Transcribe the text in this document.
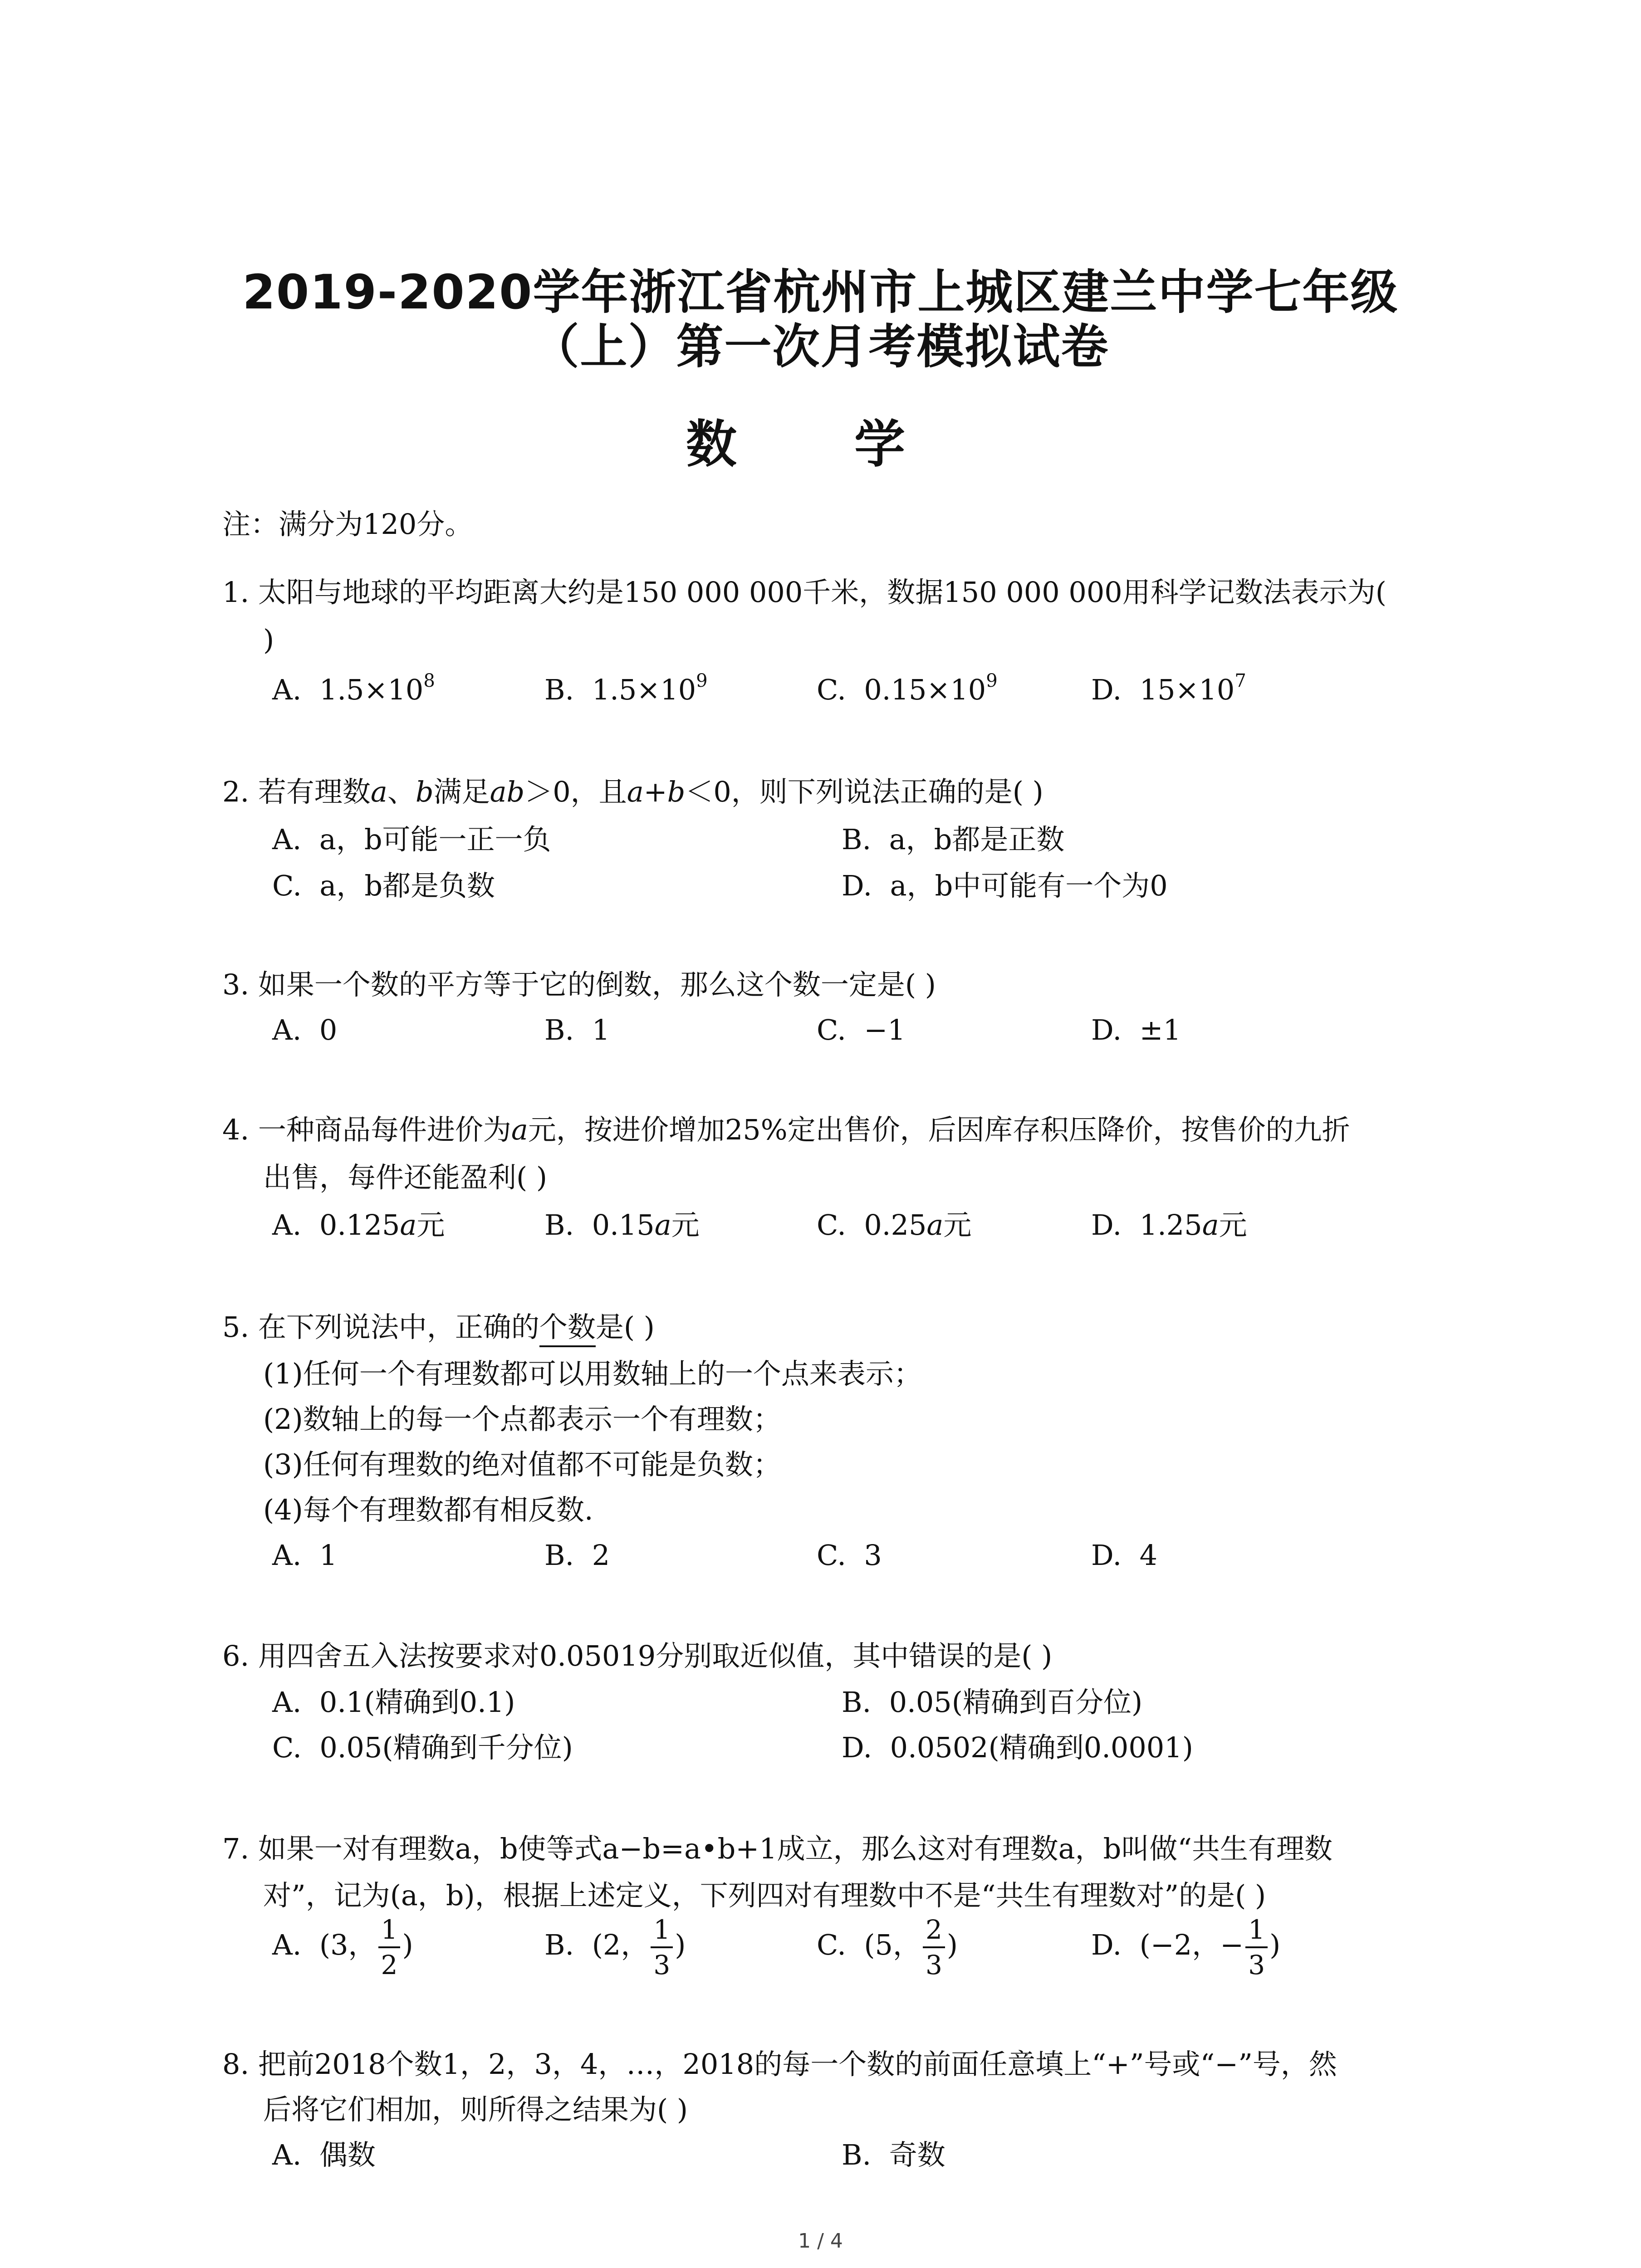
2019-2020学年浙江省杭州市上城区建兰中学七年级
（上）第一次月考模拟试卷
数 学
注：满分为120分。
1. 太阳与地球的平均距离大约是150 000 000千米，数据150 000 000用科学记数法表示为(
)
A. $1.5\times 10^8$	B. $1.5\times 10^9$	C. $0.15\times 10^9$	D. $15\times 10^7$
2. 若有理数a、b满足ab＞0，且a+b＜0，则下列说法正确的是( )
A. a，b可能一正一负	B. a，b都是正数
C. a，b都是负数	D. a，b中可能有一个为0
3. 如果一个数的平方等于它的倒数，那么这个数一定是( )
A. 0	B. 1	C. −1	D. ±1
4. 一种商品每件进价为a元，按进价增加25%定出售价，后因库存积压降价，按售价的九折
出售，每件还能盈利( )
A. 0.125a元	B. 0.15a元	C. 0.25a元	D. 1.25a元
5. 在下列说法中，正确的个数是( )
(1)任何一个有理数都可以用数轴上的一个点来表示；
(2)数轴上的每一个点都表示一个有理数；
(3)任何有理数的绝对值都不可能是负数；
(4)每个有理数都有相反数.
A. 1	B. 2	C. 3	D. 4
6. 用四舍五入法按要求对0.05019分别取近似值，其中错误的是( )
A. 0.1(精确到0.1)	B. 0.05(精确到百分位)
C. 0.05(精确到千分位)	D. 0.0502(精确到0.0001)
7. 如果一对有理数a，b使等式a−b=a•b+1成立，那么这对有理数a，b叫做“共生有理数
对”，记为(a，b)，根据上述定义，下列四对有理数中不是“共生有理数对”的是( )
A. (3， $\frac{1}{2}$ )	B. (2， $\frac{1}{3}$ )	C. (5， $\frac{2}{3}$ )	D. (−2，− $\frac{1}{3}$ )
8. 把前2018个数1，2，3，4，…，2018的每一个数的前面任意填上“+”号或“−”号，然
后将它们相加，则所得之结果为( )
A. 偶数	B. 奇数
1 / 4
